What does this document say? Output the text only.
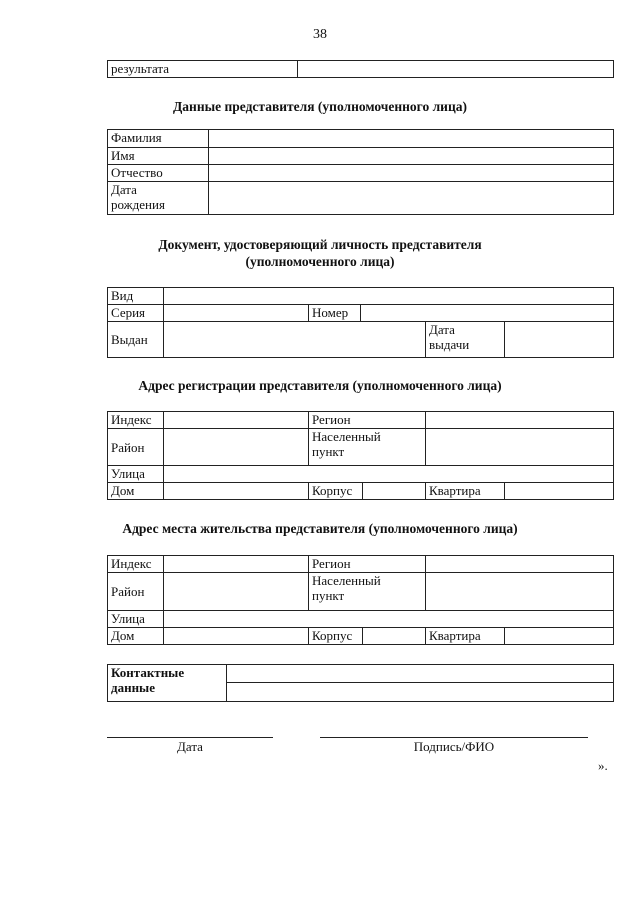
38
результата	
Данные представителя (уполномоченного лица)
Фамилия	
Имя	
Отчество	

Дата
рождения	

Документ, удостоверяющий личность представителя
(уполномоченного лица)
Вид					
Серия		Номер			
Выдан				Дата
выдачи	

Адрес регистрации представителя (уполномоченного лица)
Индекс		Регион			
Район		Населенный
пункт			

Улица					
Дом		Корпус		Квартира	
Адрес места жительства представителя (уполномоченного лица)
Индекс		Регион			
Район		Населенный
пункт			

Улица					
Дом		Корпус		Квартира	
Контактные
данные

Дата	Подпись/ФИО
».
